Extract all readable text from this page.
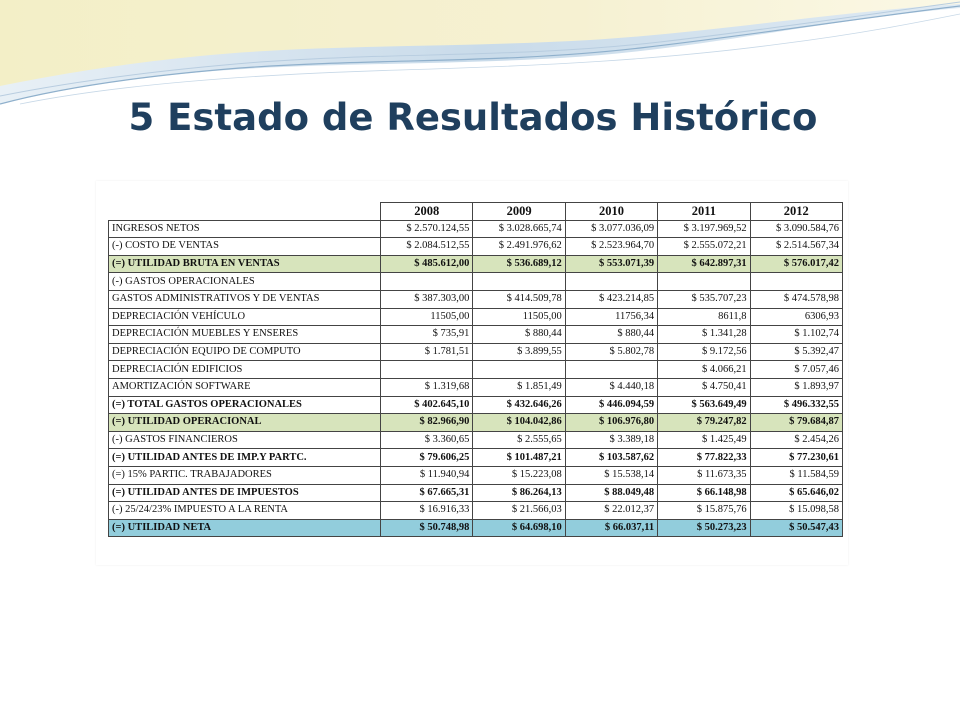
5 Estado de Resultados Histórico
	2008	2009	2010	2011	2012
INGRESOS NETOS	$ 2.570.124,55	$ 3.028.665,74	$ 3.077.036,09	$ 3.197.969,52	$ 3.090.584,76
(-) COSTO DE VENTAS	$ 2.084.512,55	$ 2.491.976,62	$ 2.523.964,70	$ 2.555.072,21	$ 2.514.567,34
(=) UTILIDAD BRUTA EN VENTAS	$ 485.612,00	$ 536.689,12	$ 553.071,39	$ 642.897,31	$ 576.017,42
(-) GASTOS OPERACIONALES					
GASTOS ADMINISTRATIVOS Y DE VENTAS	$ 387.303,00	$ 414.509,78	$ 423.214,85	$ 535.707,23	$ 474.578,98
DEPRECIACIÓN VEHÍCULO	11505,00	11505,00	11756,34	8611,8	6306,93
DEPRECIACIÓN MUEBLES Y ENSERES	$ 735,91	$ 880,44	$ 880,44	$ 1.341,28	$ 1.102,74
DEPRECIACIÓN EQUIPO DE COMPUTO	$ 1.781,51	$ 3.899,55	$ 5.802,78	$ 9.172,56	$ 5.392,47
DEPRECIACIÓN EDIFICIOS				$ 4.066,21	$ 7.057,46
AMORTIZACIÓN SOFTWARE	$ 1.319,68	$ 1.851,49	$ 4.440,18	$ 4.750,41	$ 1.893,97
(=) TOTAL GASTOS OPERACIONALES	$ 402.645,10	$ 432.646,26	$ 446.094,59	$ 563.649,49	$ 496.332,55
(=) UTILIDAD OPERACIONAL	$ 82.966,90	$ 104.042,86	$ 106.976,80	$ 79.247,82	$ 79.684,87
(-) GASTOS FINANCIEROS	$ 3.360,65	$ 2.555,65	$ 3.389,18	$ 1.425,49	$ 2.454,26
(=) UTILIDAD ANTES DE IMP.Y PARTC.	$ 79.606,25	$ 101.487,21	$ 103.587,62	$ 77.822,33	$ 77.230,61
(=) 15% PARTIC. TRABAJADORES	$ 11.940,94	$ 15.223,08	$ 15.538,14	$ 11.673,35	$ 11.584,59
(=) UTILIDAD ANTES DE IMPUESTOS	$ 67.665,31	$ 86.264,13	$ 88.049,48	$ 66.148,98	$ 65.646,02
(-) 25/24/23% IMPUESTO A LA RENTA	$ 16.916,33	$ 21.566,03	$ 22.012,37	$ 15.875,76	$ 15.098,58
(=) UTILIDAD NETA	$ 50.748,98	$ 64.698,10	$ 66.037,11	$ 50.273,23	$ 50.547,43
